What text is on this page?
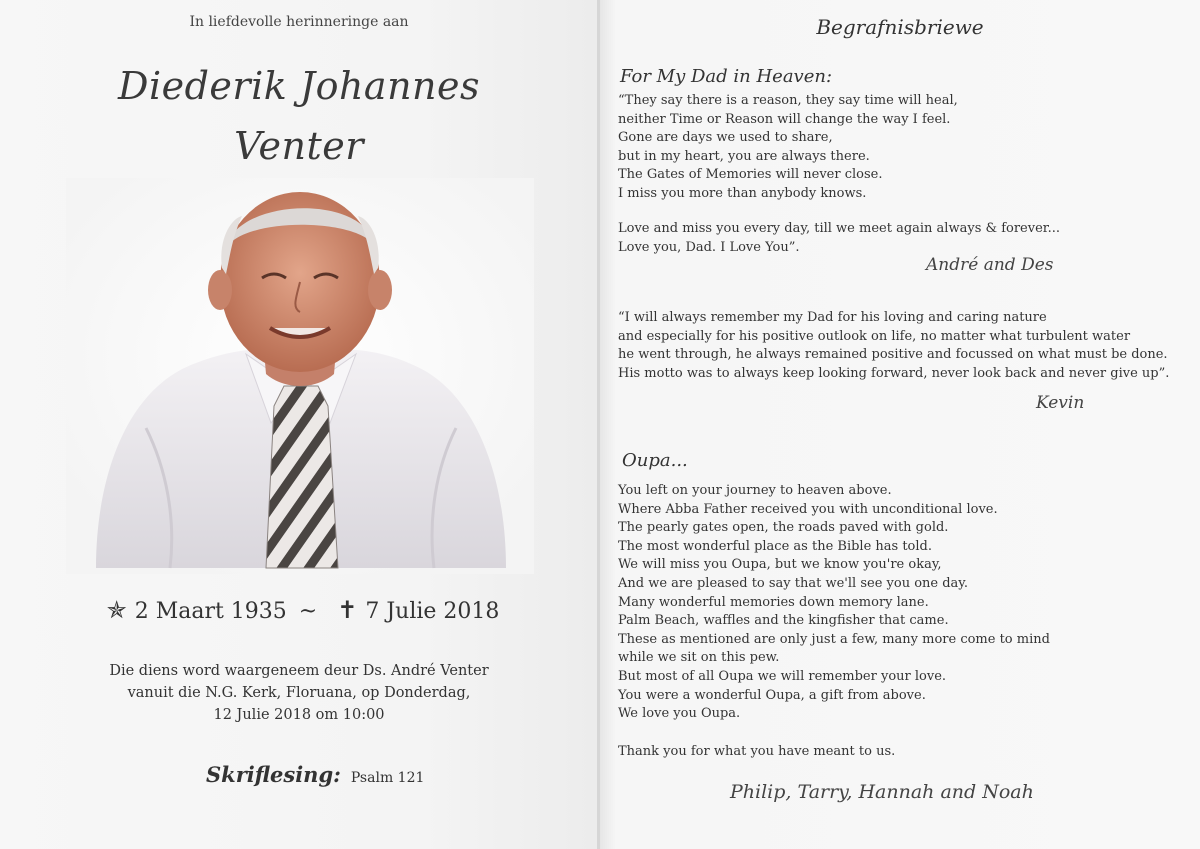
In liefdevolle herinneringe aan
Diederik Johannes
Venter
✯ 2 Maart 1935 ~ ✝ 7 Julie 2018

Die diens word waargeneem deur Ds. André Venter

vanuit die N.G. Kerk, Floruana, op Donderdag,

12 Julie 2018 om 10:00

Skriflesing: Psalm 121
Begrafnisbriewe
For My Dad in Heaven:

“They say there is a reason, they say time will heal,

neither Time or Reason will change the way I feel.

Gone are days we used to share,

but in my heart, you are always there.

The Gates of Memories will never close.

I miss you more than anybody knows.

Love and miss you every day, till we meet again always & forever...

Love you, Dad. I Love You”.

André and Des

“I will always remember my Dad for his loving and caring nature

and especially for his positive outlook on life, no matter what turbulent water

he went through, he always remained positive and focussed on what must be done.

His motto was to always keep looking forward, never look back and never give up”.

Kevin
Oupa...

You left on your journey to heaven above.

Where Abba Father received you with unconditional love.

The pearly gates open, the roads paved with gold.

The most wonderful place as the Bible has told.

We will miss you Oupa, but we know you're okay,

And we are pleased to say that we'll see you one day.

Many wonderful memories down memory lane.

Palm Beach, waffles and the kingfisher that came.

These as mentioned are only just a few, many more come to mind

while we sit on this pew.

But most of all Oupa we will remember your love.

You were a wonderful Oupa, a gift from above.

We love you Oupa.

Thank you for what you have meant to us.

Philip, Tarry, Hannah and Noah
